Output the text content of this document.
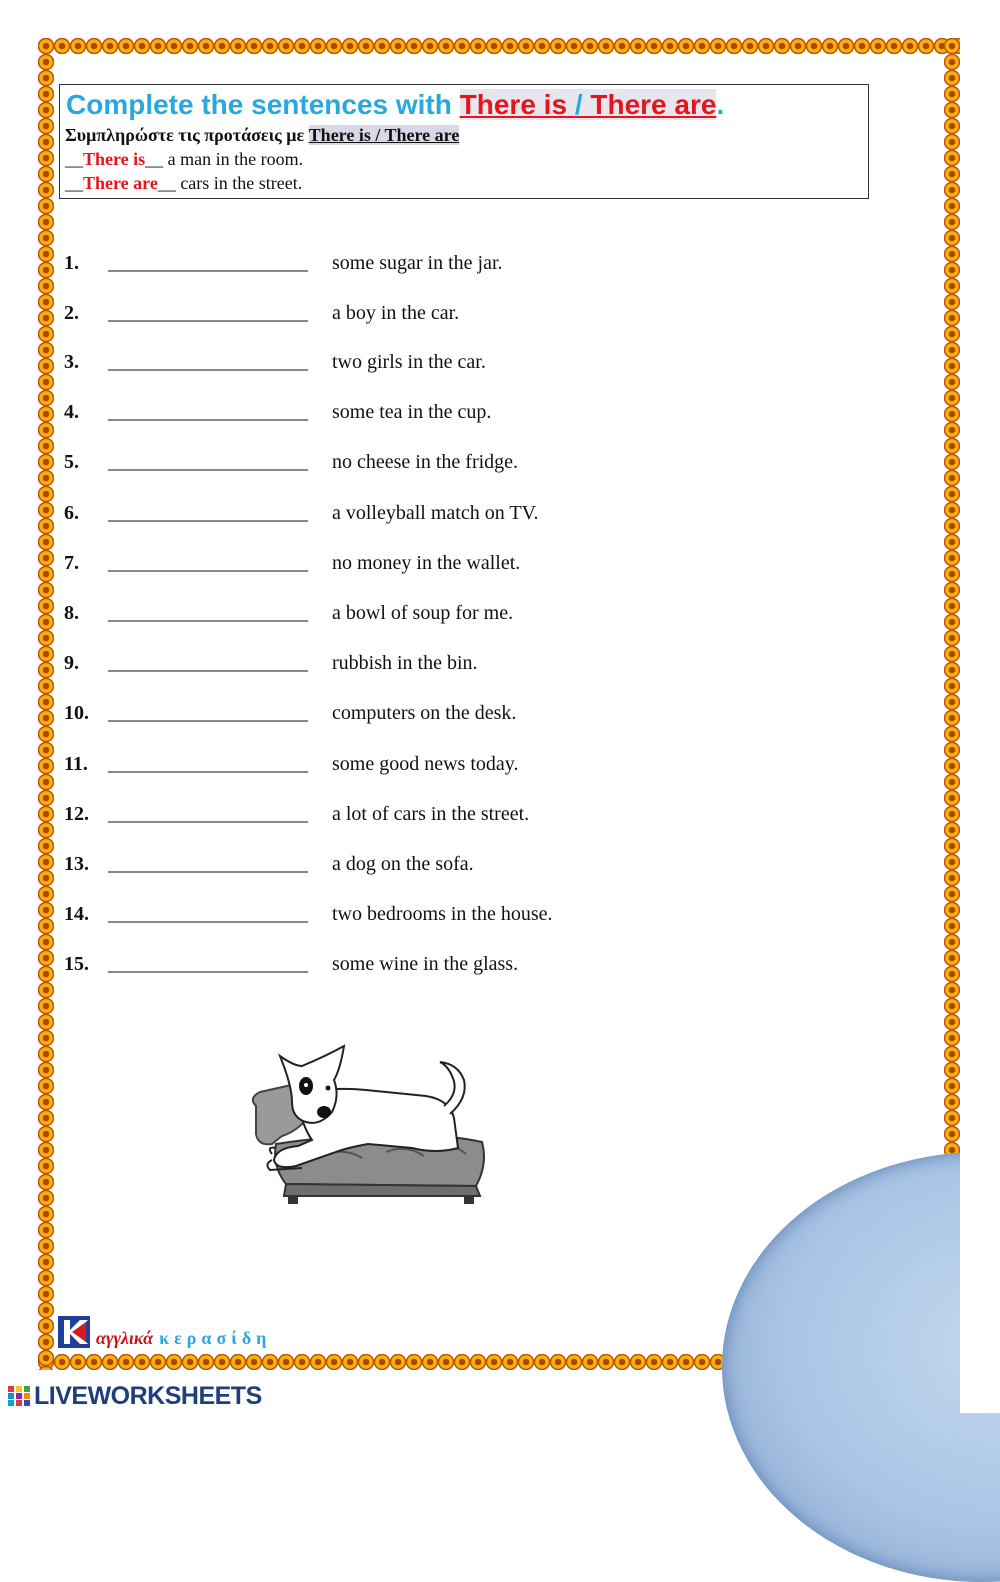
Complete the sentences with There is / There are.
Συμπληρώστε τις προτάσεις με There is / There are
__There is__ a man in the room.
__There are__ cars in the street.
1. ____________________ some sugar in the jar.
2. ____________________ a boy in the car.
3. ____________________ two girls in the car.
4. ____________________ some tea in the cup.
5. ____________________ no cheese in the fridge.
6. ____________________ a volleyball match on TV.
7. ____________________ no money in the wallet.
8. ____________________ a bowl of soup for me.
9. ____________________ rubbish in the bin.
10. ____________________ computers on the desk.
11. ____________________ some good news today.
12. ____________________ a lot of cars in the street.
13. ____________________ a dog on the sofa.
14. ____________________ two bedrooms in the house.
15. ____________________ some wine in the glass.
αγγλικά κερασίδη
LIVEWORKSHEETS
